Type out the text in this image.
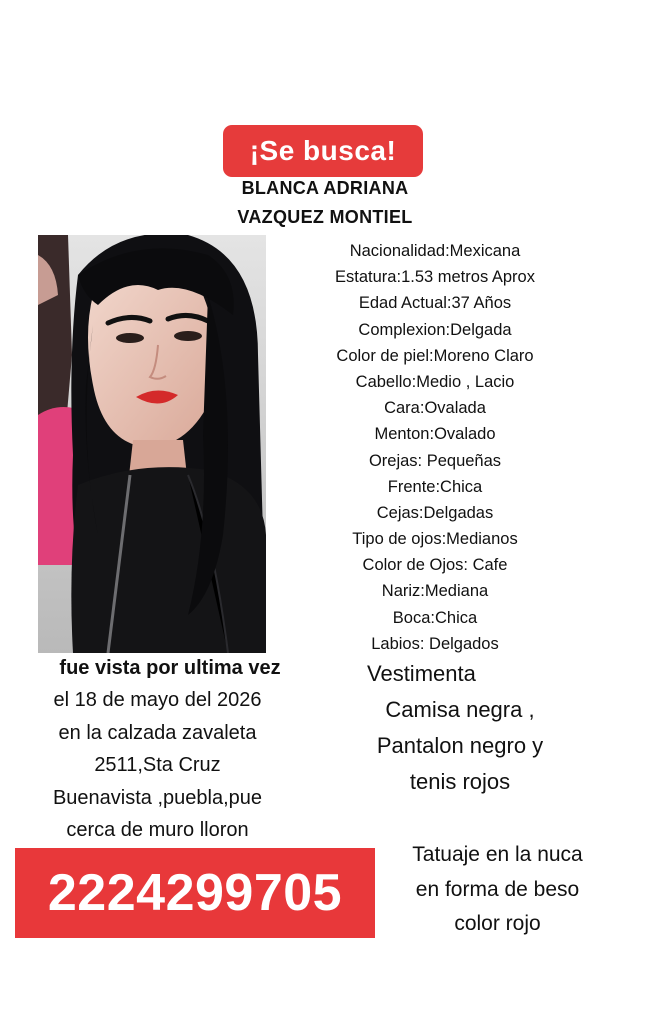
¡Se busca!
BLANCA ADRIANA
VAZQUEZ MONTIEL
Nacionalidad:Mexicana
Estatura:1.53 metros Aprox
Edad Actual:37 Años
Complexion:Delgada
Color de piel:Moreno Claro
Cabello:Medio , Lacio
Cara:Ovalada
Menton:Ovalado
Orejas: Pequeñas
Frente:Chica
Cejas:Delgadas
Tipo de ojos:Medianos
Color de Ojos: Cafe
Nariz:Mediana
Boca:Chica
Labios: Delgados
fue vista por ultima vez
el 18 de mayo del 2026
en la calzada zavaleta
2511,Sta Cruz
Buenavista ,puebla,pue
cerca de muro lloron
Vestimenta
Camisa negra ,
Pantalon negro y
tenis rojos
Tatuaje en la nuca
en forma de beso
color rojo
2224299705
